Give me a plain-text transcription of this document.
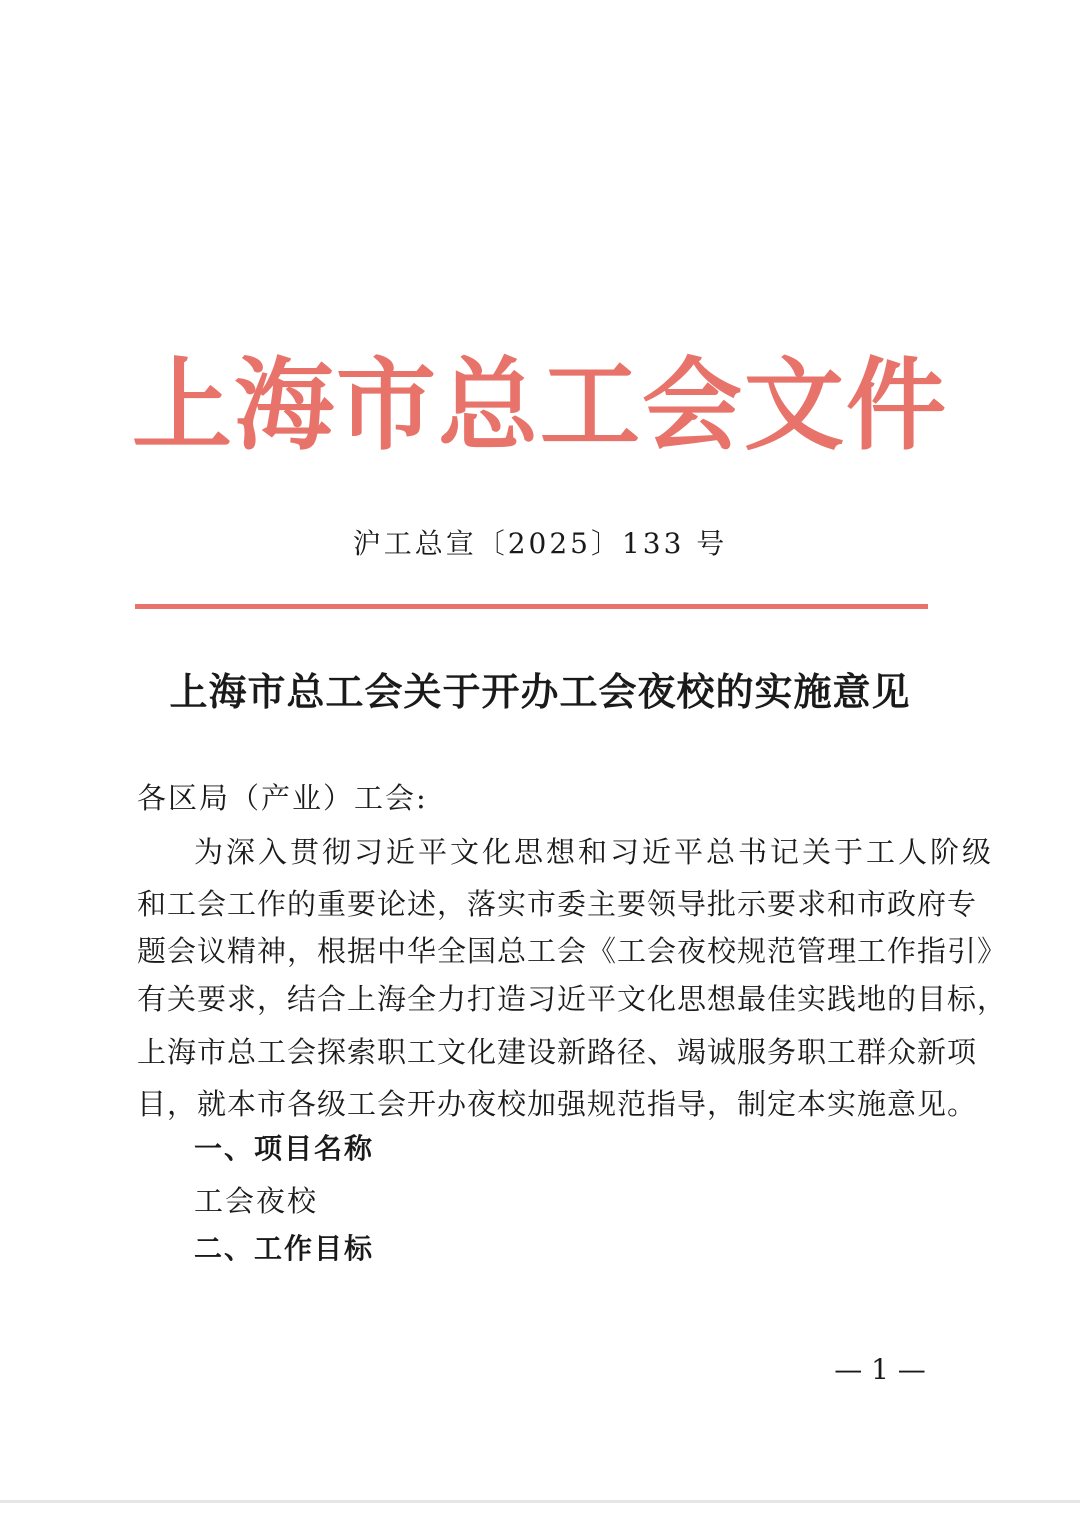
上海市总工会文件
沪工总宣〔2025〕133 号
上海市总工会关于开办工会夜校的实施意见
各区局（产业）工会:
为深入贯彻习近平文化思想和习近平总书记关于工人阶级
和工会工作的重要论述，落实市委主要领导批示要求和市政府专
题会议精神，根据中华全国总工会《工会夜校规范管理工作指引》
有关要求，结合上海全力打造习近平文化思想最佳实践地的目标，
上海市总工会探索职工文化建设新路径、竭诚服务职工群众新项
目，就本市各级工会开办夜校加强规范指导，制定本实施意见。
一、项目名称
工会夜校
二、工作目标
— 1 —
